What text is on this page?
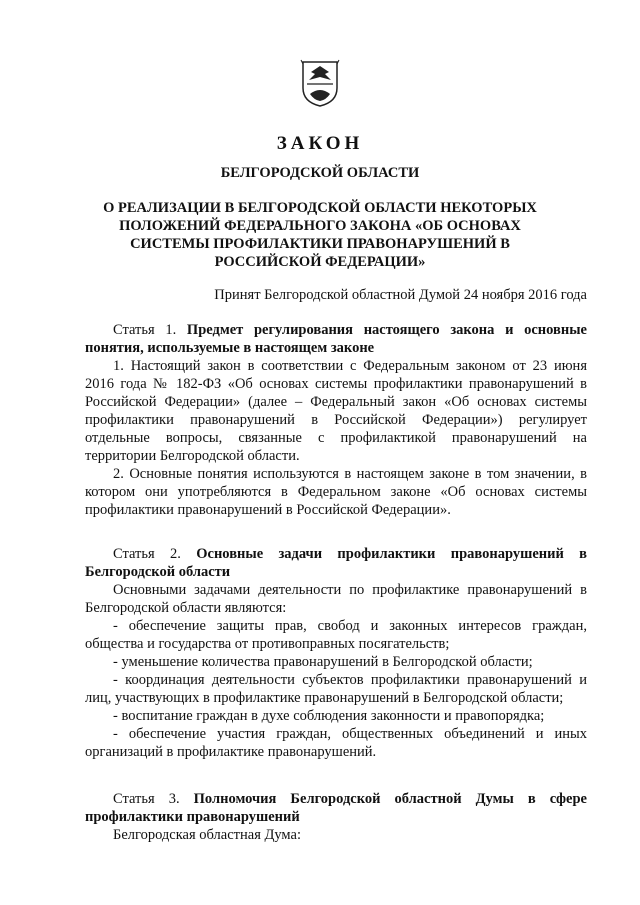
ЗАКОН
БЕЛГОРОДСКОЙ ОБЛАСТИ
О РЕАЛИЗАЦИИ В БЕЛГОРОДСКОЙ ОБЛАСТИ НЕКОТОРЫХ ПОЛОЖЕНИЙ ФЕДЕРАЛЬНОГО ЗАКОНА «ОБ ОСНОВАХ СИСТЕМЫ ПРОФИЛАКТИКИ ПРАВОНАРУШЕНИЙ В РОССИЙСКОЙ ФЕДЕРАЦИИ»
Принят Белгородской областной Думой 24 ноября 2016 года

Статья 1. Предмет регулирования настоящего закона и основные понятия, используемые в настоящем законе

1. Настоящий закон в соответствии с Федеральным законом от 23 июня 2016 года № 182-ФЗ «Об основах системы профилактики правонарушений в Российской Федерации» (далее – Федеральный закон «Об основах системы профилактики правонарушений в Российской Федерации») регулирует отдельные вопросы, связанные с профилактикой правонарушений на территории Белгородской области.

2. Основные понятия используются в настоящем законе в том значении, в котором они употребляются в Федеральном законе «Об основах системы профилактики правонарушений в Российской Федерации».

Статья 2. Основные задачи профилактики правонарушений в Белгородской области

Основными задачами деятельности по профилактике правонарушений в Белгородской области являются:

- обеспечение защиты прав, свобод и законных интересов граждан, общества и государства от противоправных посягательств;

- уменьшение количества правонарушений в Белгородской области;

- координация деятельности субъектов профилактики правонарушений и лиц, участвующих в профилактике правонарушений в Белгородской области;

- воспитание граждан в духе соблюдения законности и правопорядка;

- обеспечение участия граждан, общественных объединений и иных организаций в профилактике правонарушений.

Статья 3. Полномочия Белгородской областной Думы в сфере профилактики правонарушений

Белгородская областная Дума:
